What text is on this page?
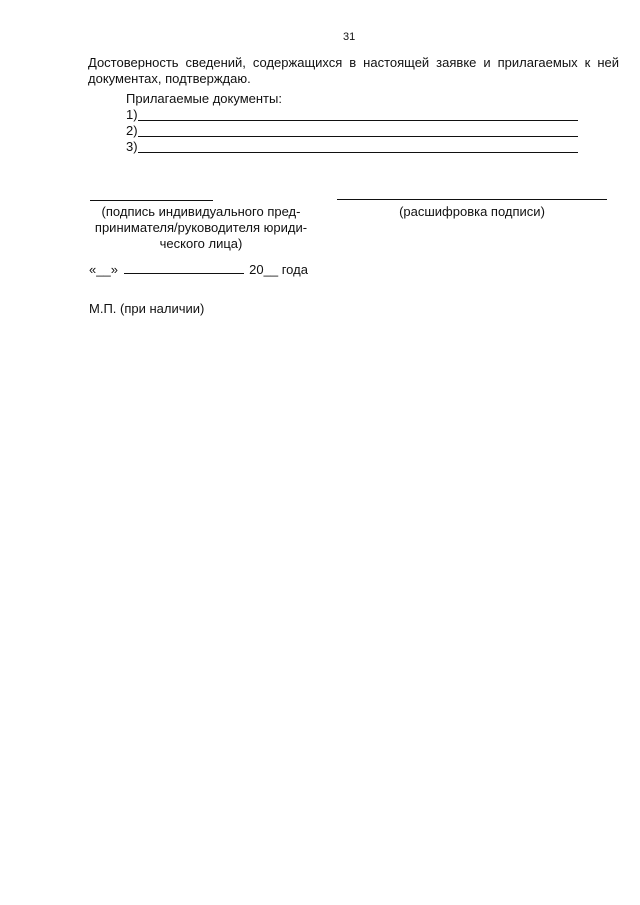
31
Достоверность сведений, содержащихся в настоящей заявке и прилагаемых к ней документах, подтверждаю.
Прилагаемые документы:
1)
2)
3)
(подпись индивидуального пред-
принимателя/руководителя юриди-
ческого лица)
(расшифровка подписи)
«__»	20__ года
М.П. (при наличии)
